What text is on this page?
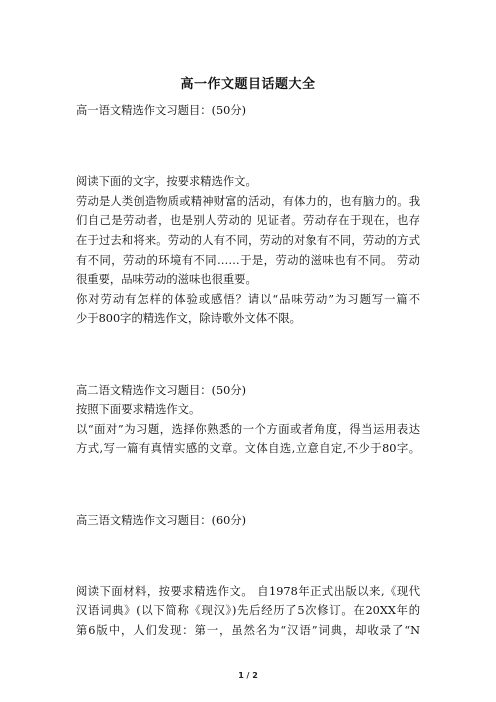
高一作文题目话题大全

高一语文精选作文习题目：(50分)

阅读下面的文字，按要求精选作文。

劳动是人类创造物质或精神财富的活动，有体力的，也有脑力的。我

们自己是劳动者，也是别人劳动的 见证者。劳动存在于现在，也存

在于过去和将来。劳动的人有不同，劳动的对象有不同，劳动的方式

有不同，劳动的环境有不同……于是，劳动的滋味也有不同。 劳动

很重要，品味劳动的滋味也很重要。

你对劳动有怎样的体验或感悟？请以“品味劳动”为习题写一篇不

少于800字的精选作文，除诗歌外文体不限。

高二语文精选作文习题目：(50分)

按照下面要求精选作文。

以“面对”为习题，选择你熟悉的一个方面或者角度，得当运用表达

方式,写一篇有真情实感的文章。文体自选,立意自定,不少于80字。

高三语文精选作文习题目：(60分)

阅读下面材料，按要求精选作文。 自1978年正式出版以来,《现代

汉语词典》(以下简称《现汉》)先后经历了5次修订。在20XX年的

第6版中，人们发现：第一，虽然名为“汉语”词典，却收录了“N

1 / 2
